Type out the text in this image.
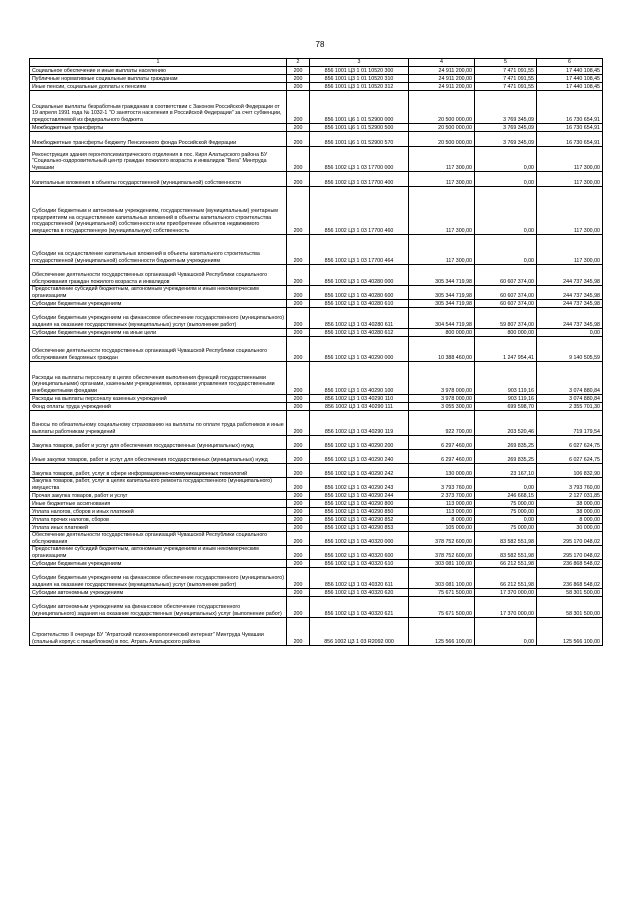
78
1	2	3	4	5	6
Социальное обеспечение и иные выплаты населению	200	856 1001 Ц3 1 01 10520 300	24 911 200,00	7 471 091,55	17 440 108,45
Публичные нормативные социальные выплаты гражданам	200	856 1001 Ц3 1 01 10520 310	24 911 200,00	7 471 091,55	17 440 108,45
Иные пенсии, социальные доплаты к пенсиям	200	856 1001 Ц3 1 01 10520 312	24 911 200,00	7 471 091,55	17 440 108,45
Социальные выплаты безработным гражданам в соответствии с Законом Российской Федерации от 19 апреля 1991 года № 1032-1 "О занятости населения в Российской Федерации" за счет субвенции, предоставляемой из федерального бюджета	200	856 1001 Ц6 1 01 52900 000	20 500 000,00	3 769 345,09	16 730 654,91
Межбюджетные трансферты	200	856 1001 Ц6 1 01 52900 500	20 500 000,00	3 769 345,09	16 730 654,91
Межбюджетные трансферты бюджету Пенсионного фонда Российской Федерации	200	856 1001 Ц6 1 01 52900 570	20 500 000,00	3 769 345,09	16 730 654,91
Реконструкция здания геронтопсихиатрического отделения в пос. Киря Алатырского района БУ "Социально-оздоровительный центр граждан пожилого возраста и инвалидов "Вега" Минтруда Чувашии	200	856 1002 Ц3 1 03 17700 000	117 300,00	0,00	117 300,00
Капитальные вложения в объекты государственной (муниципальной) собственности	200	856 1002 Ц3 1 03 17700 400	117 300,00	0,00	117 300,00
Субсидии бюджетным и автономным учреждениям, государственным (муниципальным) унитарным предприятиям на осуществление капитальных вложений в объекты капитального строительства государственной (муниципальной) собственности или приобретение объектов недвижимого имущества в государственную (муниципальную) собственность	200	856 1002 Ц3 1 03 17700 460	117 300,00	0,00	117 300,00
Субсидии на осуществление капитальных вложений в объекты капитального строительства государственной (муниципальной) собственности бюджетным учреждениям	200	856 1002 Ц3 1 03 17700 464	117 300,00	0,00	117 300,00
Обеспечение деятельности государственных организаций Чувашской Республики социального обслуживания граждан пожилого возраста и инвалидов	200	856 1002 Ц3 1 03 40280 000	305 344 719,98	60 607 374,00	244 737 345,98
Предоставление субсидий бюджетным, автономным учреждениям и иным некоммерческим организациям	200	856 1002 Ц3 1 03 40280 600	305 344 719,98	60 607 374,00	244 737 345,98
Субсидии бюджетным учреждениям	200	856 1002 Ц3 1 03 40280 610	305 344 719,98	60 607 374,00	244 737 345,98
Субсидии бюджетным учреждениям на финансовое обеспечение государственного (муниципального) задания на оказание государственных (муниципальных) услуг (выполнение работ)	200	856 1002 Ц3 1 03 40280 611	304 544 719,98	59 807 374,00	244 737 345,98
Субсидии бюджетным учреждениям на иные цели	200	856 1002 Ц3 1 03 40280 612	800 000,00	800 000,00	0,00
Обеспечение деятельности государственных организаций Чувашской Республики социального обслуживания бездомных граждан	200	856 1002 Ц3 1 03 40290 000	10 388 460,00	1 247 954,41	9 140 505,59
Расходы на выплаты персоналу в целях обеспечения выполнения функций государственными (муниципальными) органами, казенными учреждениями, органами управления государственными внебюджетными фондами	200	856 1002 Ц3 1 03 40290 100	3 978 000,00	903 119,16	3 074 880,84
Расходы на выплаты персоналу казенных учреждений	200	856 1002 Ц3 1 03 40290 110	3 978 000,00	903 119,16	3 074 880,84
Фонд оплаты труда учреждений	200	856 1002 Ц3 1 03 40290 111	3 055 300,00	699 598,70	2 355 701,30
Взносы по обязательному социальному страхованию на выплаты по оплате труда работников и иные выплаты работникам учреждений	200	856 1002 Ц3 1 03 40290 119	922 700,00	203 520,46	719 179,54
Закупка товаров, работ и услуг для обеспечения государственных (муниципальных) нужд	200	856 1002 Ц3 1 03 40290 200	6 297 460,00	269 835,25	6 027 624,75
Иные закупки товаров, работ и услуг для обеспечения государственных (муниципальных) нужд	200	856 1002 Ц3 1 03 40290 240	6 297 460,00	269 835,25	6 027 624,75
Закупка товаров, работ, услуг в сфере информационно-коммуникационных технологий	200	856 1002 Ц3 1 03 40290 242	130 000,00	23 167,10	106 832,90
Закупка товаров, работ, услуг в целях капитального ремонта государственного (муниципального) имущества	200	856 1002 Ц3 1 03 40290 243	3 793 760,00	0,00	3 793 760,00
Прочая закупка товаров, работ и услуг	200	856 1002 Ц3 1 03 40290 244	2 373 700,00	246 668,15	2 127 031,85
Иные бюджетные ассигнования	200	856 1002 Ц3 1 03 40290 800	113 000,00	75 000,00	38 000,00
Уплата налогов, сборов и иных платежей	200	856 1002 Ц3 1 03 40290 850	113 000,00	75 000,00	38 000,00
Уплата прочих налогов, сборов	200	856 1002 Ц3 1 03 40290 852	8 000,00	0,00	8 000,00
Уплата иных платежей	200	856 1002 Ц3 1 03 40290 853	105 000,00	75 000,00	30 000,00
Обеспечение деятельности государственных организаций Чувашской Республики социального обслуживания	200	856 1002 Ц3 1 03 40320 000	378 752 600,00	83 582 551,98	295 170 048,02
Предоставление субсидий бюджетным, автономным учреждениям и иным некоммерческим организациям	200	856 1002 Ц3 1 03 40320 600	378 752 600,00	83 582 551,98	295 170 048,02
Субсидии бюджетным учреждениям	200	856 1002 Ц3 1 03 40320 610	303 081 100,00	66 212 551,98	236 868 548,02
Субсидии бюджетным учреждениям на финансовое обеспечение государственного (муниципального) задания на оказание государственных (муниципальных) услуг (выполнение работ)	200	856 1002 Ц3 1 03 40320 611	303 081 100,00	66 212 551,98	236 868 548,02
Субсидии автономным учреждениям	200	856 1002 Ц3 1 03 40320 620	75 671 500,00	17 370 000,00	58 301 500,00
Субсидии автономным учреждениям на финансовое обеспечение государственного (муниципального) задания на оказание государственных (муниципальных) услуг (выполнение работ)	200	856 1002 Ц3 1 03 40320 621	75 671 500,00	17 370 000,00	58 301 500,00
Строительство II очереди БУ "Атратский психоневрологический интернат" Минтруда Чувашии (спальный корпус с пищеблоком) в пос. Атрать Алатырского района	200	856 1002 Ц3 1 03 R2092 000	125 566 100,00	0,00	125 566 100,00
